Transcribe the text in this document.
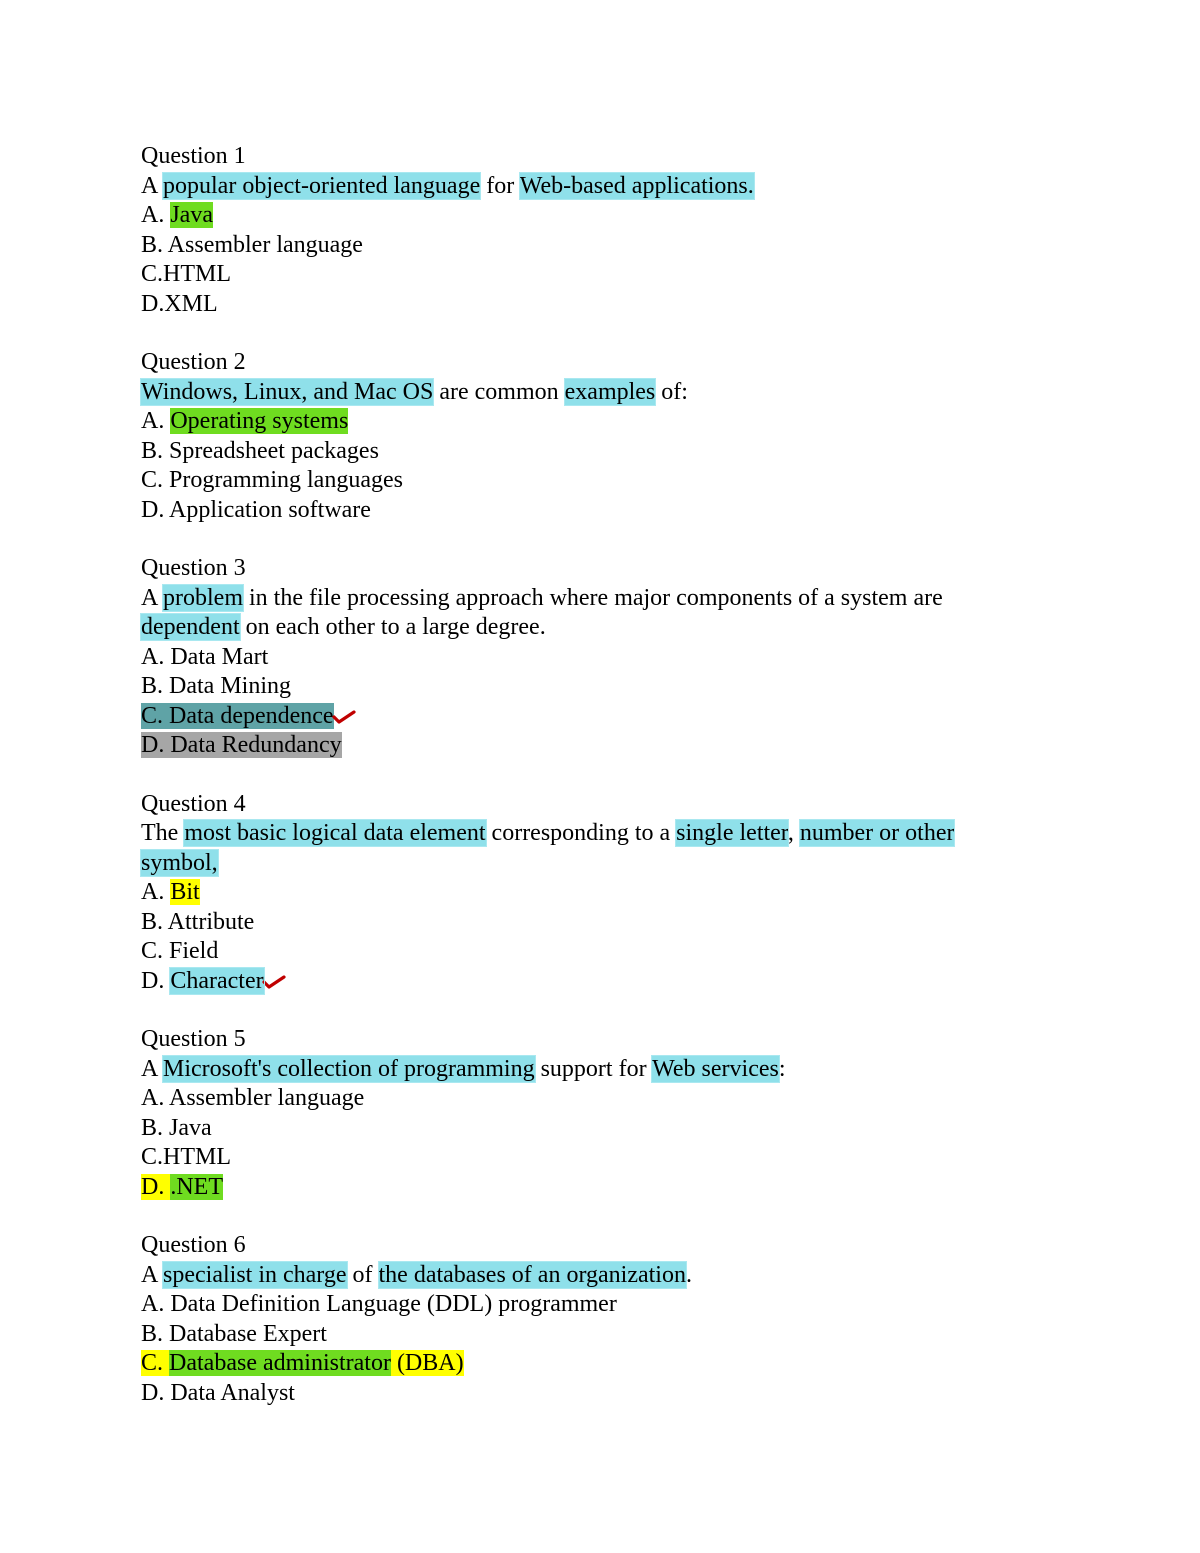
Question 1
A popular object-oriented language for Web-based applications.
A. Java
B. Assembler language
C.HTML
D.XML
Question 2
Windows, Linux, and Mac OS are common examples of:
A. Operating systems
B. Spreadsheet packages
C. Programming languages
D. Application software
Question 3
A problem in the file processing approach where major components of a system are dependent on each other to a large degree.
A. Data Mart
B. Data Mining
C. Data dependence
D. Data Redundancy
Question 4
The most basic logical data element corresponding to a single letter, number or other symbol,
A. Bit
B. Attribute
C. Field
D. Character
Question 5
A Microsoft's collection of programming support for Web services:
A. Assembler language
B. Java
C.HTML
D. .NET
Question 6
A specialist in charge of the databases of an organization.
A. Data Definition Language (DDL) programmer
B. Database Expert
C. Database administrator (DBA)
D. Data Analyst
